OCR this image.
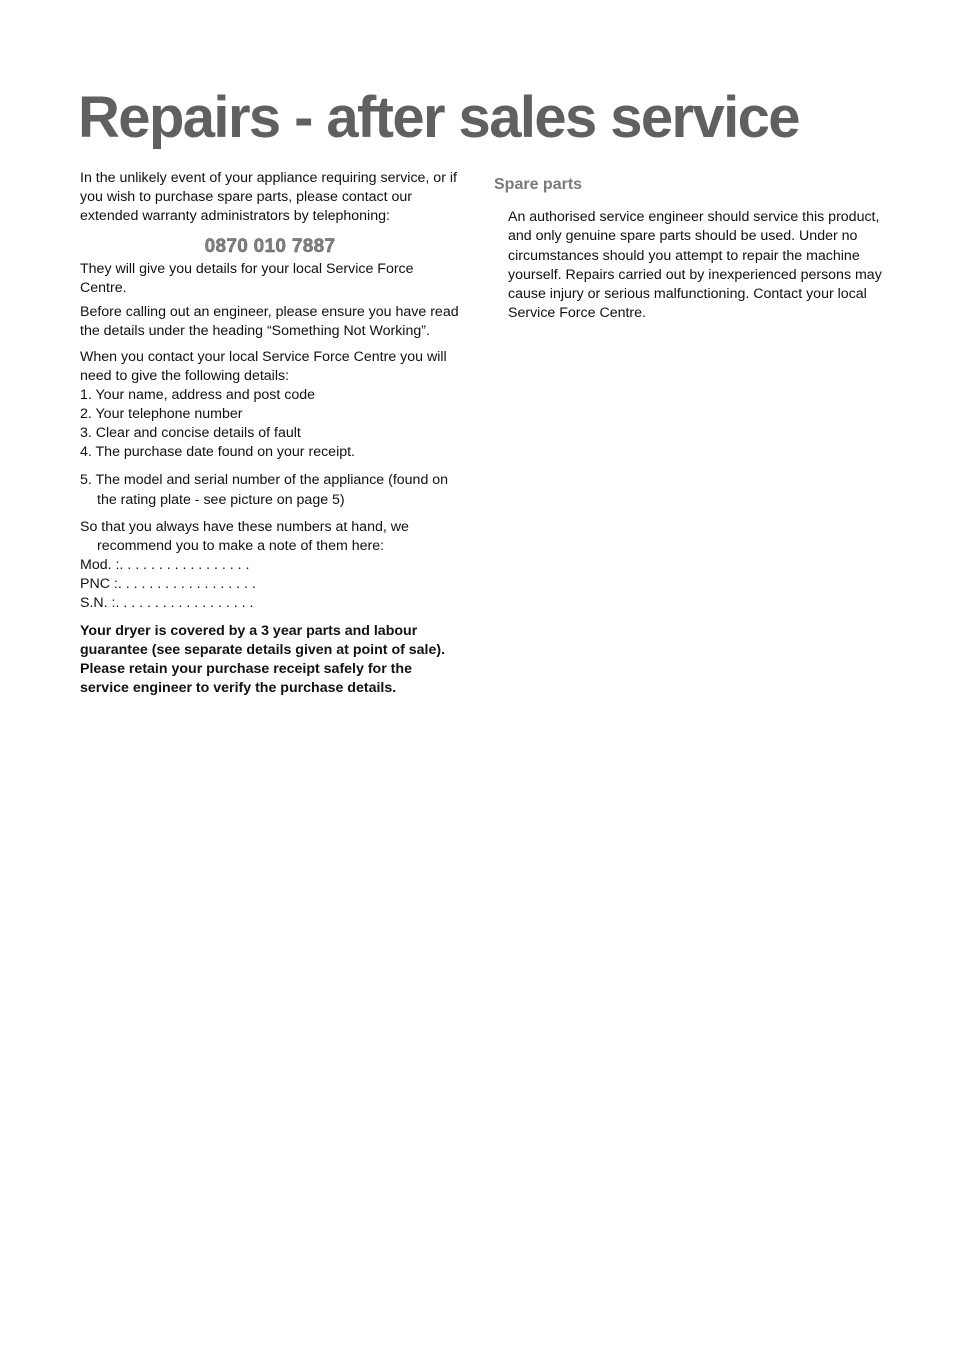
Repairs - after sales service

In the unlikely event of your appliance requiring service, or if you wish to purchase spare parts, please contact our extended warranty administrators by telephoning:

0870 010 7887

They will give you details for your local Service Force Centre.

Before calling out an engineer, please ensure you have read the details under the heading “Something Not Working”.

When you contact your local Service Force Centre you will need to give the following details:

1. Your name, address and post code

2. Your telephone number

3. Clear and concise details of fault

4. The purchase date found on your receipt.

5. The model and serial number of the appliance (found on the rating plate - see picture on page 5)

So that you always have these numbers at hand, we recommend you to make a note of them here:

Mod. :. . . . . . . . . . . . . . . . .

PNC :. . . . . . . . . . . . . . . . . .

S.N. :. . . . . . . . . . . . . . . . . .

Your dryer is covered by a 3 year parts and labour guarantee (see separate details given at point of sale). Please retain your purchase receipt safely for the service engineer to verify the purchase details.

Spare parts

An authorised service engineer should service this product, and only genuine spare parts should be used. Under no circumstances should you attempt to repair the machine yourself. Repairs carried out by inexperienced persons may cause injury or serious malfunctioning. Contact your local Service Force Centre.
